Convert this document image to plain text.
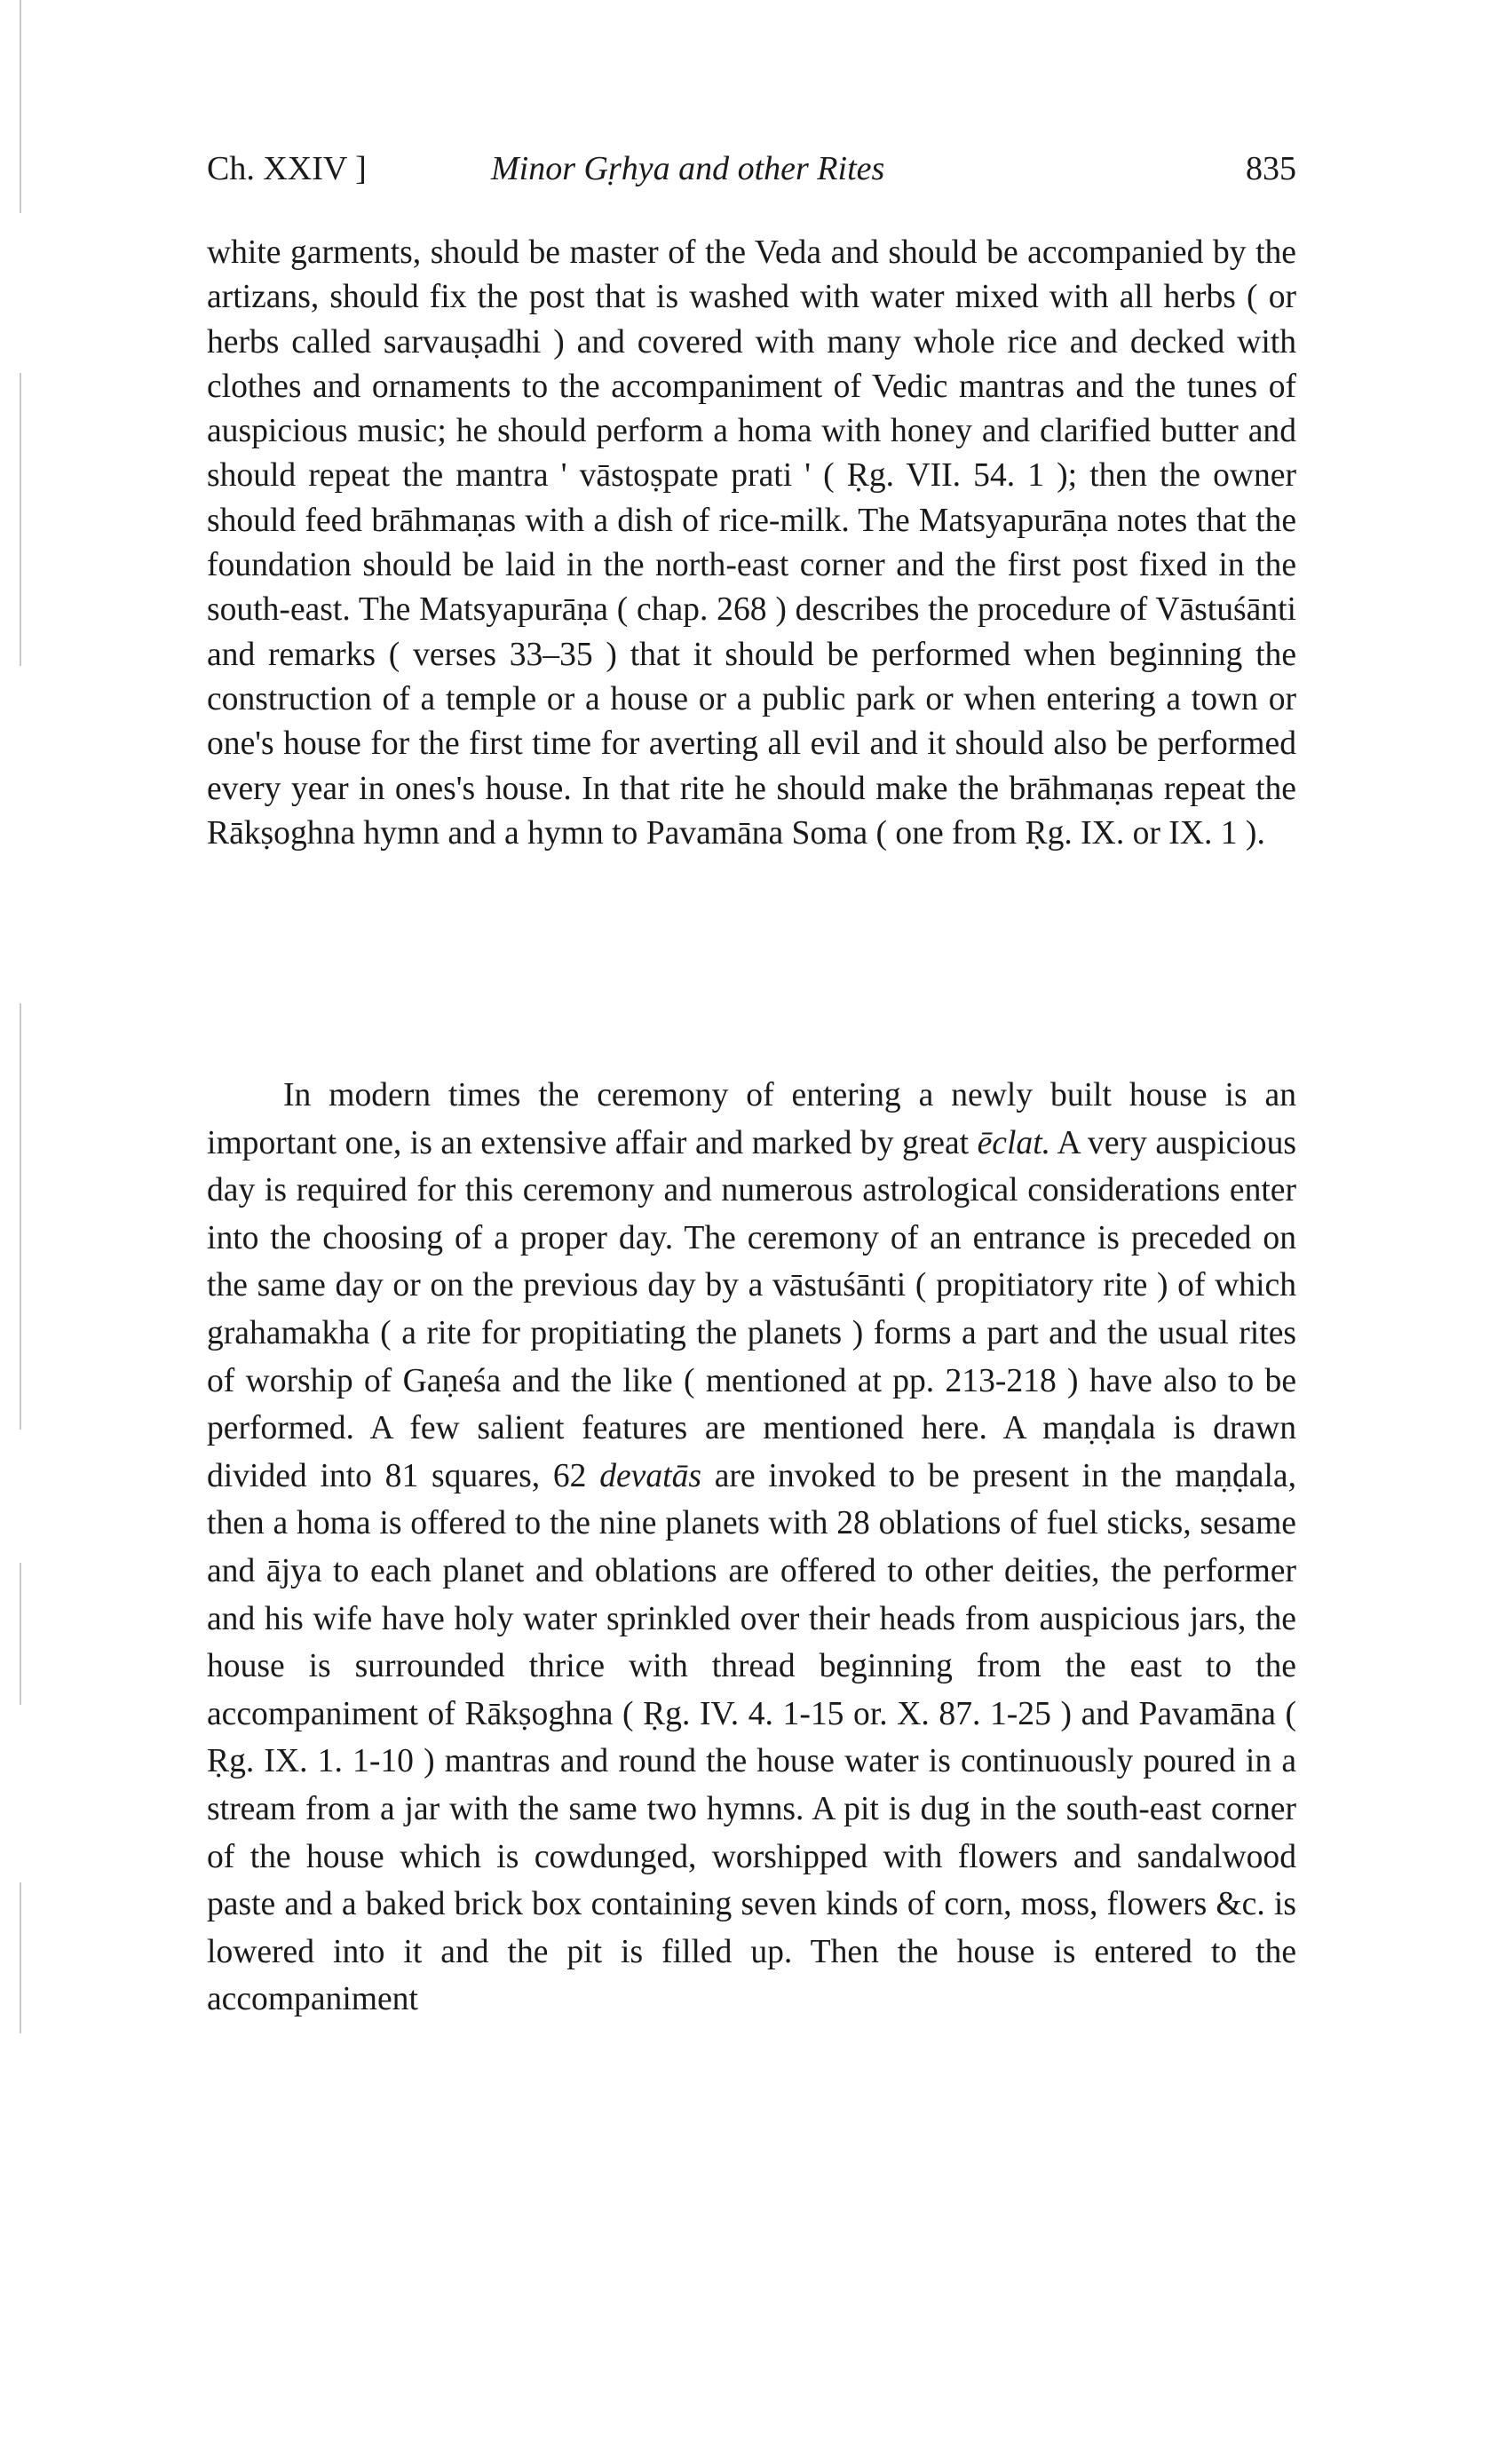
Ch. XXIV ]	Minor Gṛhya and other Rites	835

white garments, should be master of the Veda and should be accompanied by the artizans, should fix the post that is washed with water mixed with all herbs ( or herbs called sarvauṣadhi ) and covered with many whole rice and decked with clothes and ornaments to the accompaniment of Vedic mantras and the tunes of auspicious music; he should perform a homa with honey and clarified butter and should repeat the mantra ' vāstoṣpate prati ' ( Ṛg. VII. 54. 1 ); then the owner should feed brāhmaṇas with a dish of rice-milk. The Matsyapurāṇa notes that the foundation should be laid in the north-east corner and the first post fixed in the south-east. The Matsyapurāṇa ( chap. 268 ) describes the procedure of Vāstuśānti and remarks ( verses 33–35 ) that it should be performed when beginning the construction of a temple or a house or a public park or when entering a town or one's house for the first time for averting all evil and it should also be performed every year in ones's house. In that rite he should make the brāhmaṇas repeat the Rākṣoghna hymn and a hymn to Pavamāna Soma ( one from Ṛg. IX. or IX. 1 ).

In modern times the ceremony of entering a newly built house is an important one, is an extensive affair and marked by great ēclat. A very auspicious day is required for this ceremony and numerous astrological considerations enter into the choosing of a proper day. The ceremony of an entrance is preceded on the same day or on the previous day by a vāstuśānti ( propitiatory rite ) of which grahamakha ( a rite for propitiating the planets ) forms a part and the usual rites of worship of Gaṇeśa and the like ( mentioned at pp. 213-218 ) have also to be performed. A few salient features are mentioned here. A maṇḍala is drawn divided into 81 squares, 62 devatās are invoked to be present in the maṇḍala, then a homa is offered to the nine planets with 28 oblations of fuel sticks, sesame and ājya to each planet and oblations are offered to other deities, the performer and his wife have holy water sprinkled over their heads from auspicious jars, the house is surrounded thrice with thread beginning from the east to the accompaniment of Rākṣoghna ( Ṛg. IV. 4. 1-15 or. X. 87. 1-25 ) and Pavamāna ( Ṛg. IX. 1. 1-10 ) mantras and round the house water is continuously poured in a stream from a jar with the same two hymns. A pit is dug in the south-east corner of the house which is cowdunged, worshipped with flowers and sandalwood paste and a baked brick box containing seven kinds of corn, moss, flowers &c. is lowered into it and the pit is filled up. Then the house is entered to the accompaniment
